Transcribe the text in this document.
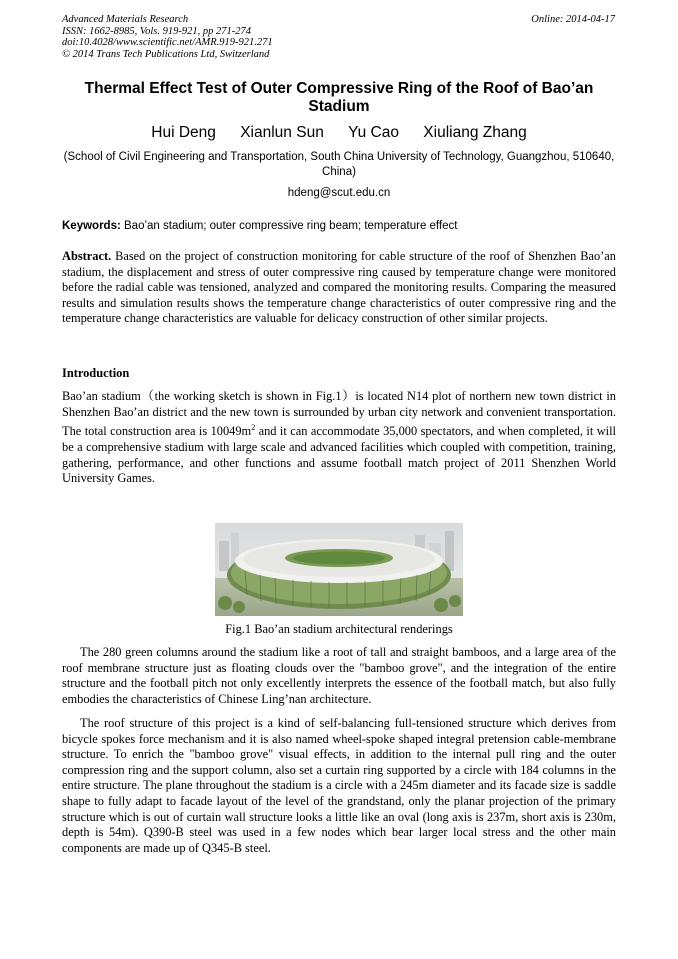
Advanced Materials Research
ISSN: 1662-8985, Vols. 919-921, pp 271-274
doi:10.4028/www.scientific.net/AMR.919-921.271
© 2014 Trans Tech Publications Ltd, Switzerland
Online: 2014-04-17
Thermal Effect Test of Outer Compressive Ring of the Roof of Bao’an Stadium
Hui Deng Xianlun Sun Yu Cao Xiuliang Zhang
(School of Civil Engineering and Transportation, South China University of Technology, Guangzhou, 510640, China)
hdeng@scut.edu.cn
Keywords: Bao’an stadium; outer compressive ring beam; temperature effect
Abstract. Based on the project of construction monitoring for cable structure of the roof of Shenzhen Bao’an stadium, the displacement and stress of outer compressive ring caused by temperature change were monitored before the radial cable was tensioned, analyzed and compared the monitoring results. Comparing the measured results and simulation results shows the temperature change characteristics of outer compressive ring and the temperature change characteristics are valuable for delicacy construction of other similar projects.
Introduction
Bao’an stadium（the working sketch is shown in Fig.1）is located N14 plot of northern new town district in Shenzhen Bao’an district and the new town is surrounded by urban city network and convenient transportation. The total construction area is $10049m^2$ and it can accommodate 35,000 spectators, and when completed, it will be a comprehensive stadium with large scale and advanced facilities which coupled with competition, training, gathering, performance, and other functions and assume football match project of 2011 Shenzhen World University Games.
Fig.1 Bao’an stadium architectural renderings
The 280 green columns around the stadium like a root of tall and straight bamboos, and a large area of the roof membrane structure just as floating clouds over the "bamboo grove", and the integration of the entire structure and the football pitch not only excellently interprets the essence of the football match, but also fully embodies the characteristics of Chinese Ling’nan architecture.
The roof structure of this project is a kind of self-balancing full-tensioned structure which derives from bicycle spokes force mechanism and it is also named wheel-spoke shaped integral pretension cable-membrane structure. To enrich the "bamboo grove" visual effects, in addition to the internal pull ring and the outer compression ring and the support column, also set a curtain ring supported by a circle with 184 columns in the entire structure. The plane throughout the stadium is a circle with a 245m diameter and its facade size is saddle shape to fully adapt to facade layout of the level of the grandstand, only the planar projection of the primary structure which is out of curtain wall structure looks a little like an oval (long axis is 237m, short axis is 230m, depth is 54m). Q390-B steel was used in a few nodes which bear larger local stress and the other main components are made up of Q345-B steel.
